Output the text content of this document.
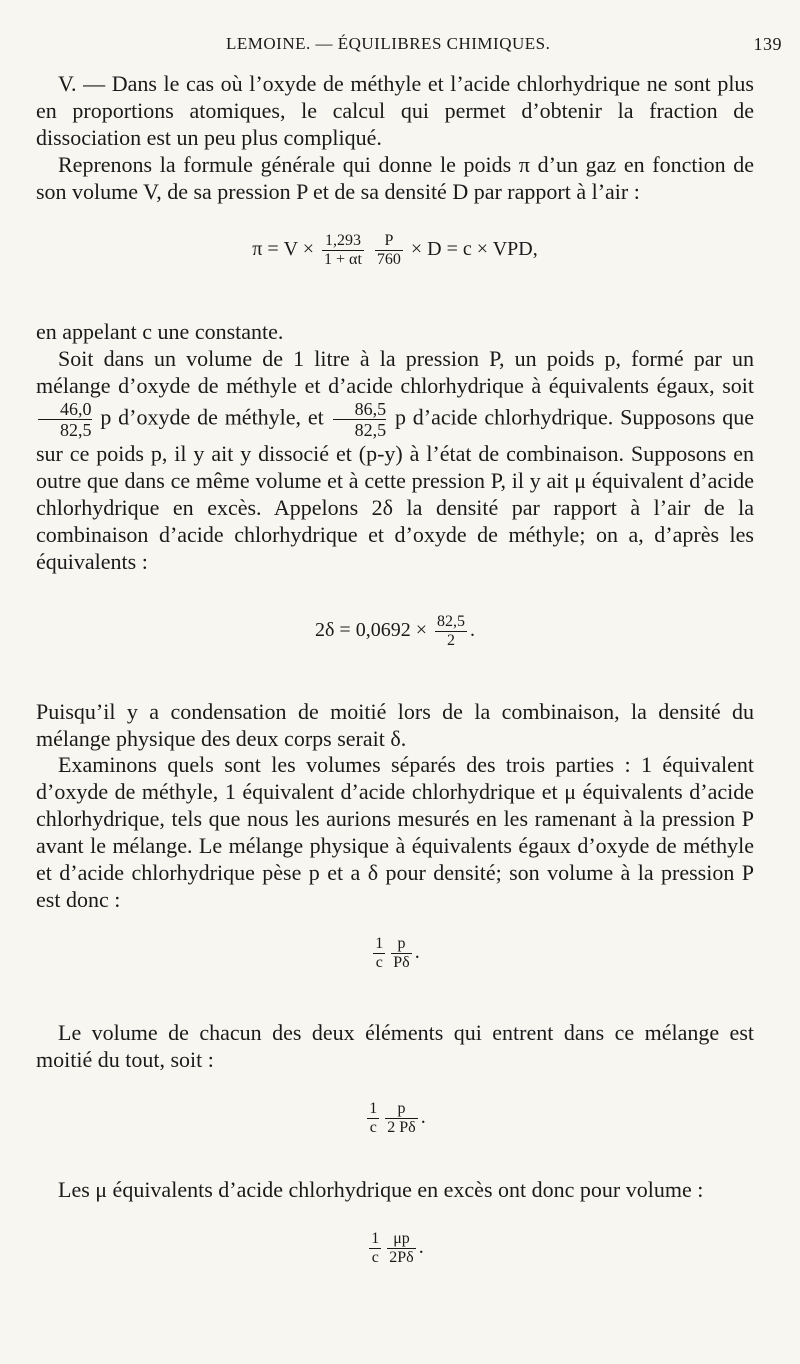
LEMOINE. — ÉQUILIBRES CHIMIQUES.	139

V. — Dans le cas où l’oxyde de méthyle et l’acide chlorhydrique ne sont plus en proportions atomiques, le calcul qui permet d’obtenir la fraction de dissociation est un peu plus compliqué.

Reprenons la formule générale qui donne le poids π d’un gaz en fonction de son volume V, de sa pression P et de sa densité D par rapport à l’air :

$\pi = V \times \frac{1,293}{1 + \alpha t}$
$\frac{P}{760} \times D = c$ × VPD,

en appelant c une constante.

Soit dans un volume de 1 litre à la pression P, un poids p, formé par un mélange d’oxyde de méthyle et d’acide chlorhydrique à équivalents égaux, soit
$\frac{46,0}{82,5}$ p d’oxyde de méthyle, et $\frac{86,5}{82,5}$ p d’acide chlorhydrique. Supposons que sur ce poids p, il y ait y dissocié et (p-y) à l’état de combinaison. Supposons en outre que dans ce même volume et à cette pression P, il y ait μ équivalent d’acide chlorhydrique en excès. Appelons 2δ la densité par rapport à l’air de la combinaison d’acide chlorhydrique et d’oxyde de méthyle; on a, d’après les équivalents :

$2\delta = 0,0692 \times \frac{82,5}{2}$ .

Puisqu’il y a condensation de moitié lors de la combinaison, la densité du mélange physique des deux corps serait δ.

Examinons quels sont les volumes séparés des trois parties : 1 équivalent d’oxyde de méthyle, 1 équivalent d’acide chlorhydrique et μ équivalents d’acide chlorhydrique, tels que nous les aurions mesurés en les ramenant à la pression P avant le mélange. Le mélange physique à équivalents égaux d’oxyde de méthyle et d’acide chlorhydrique pèse p et a δ pour densité; son volume à la pression P est donc :

$\frac{1}{c} \frac{p}{P\delta}$ .

Le volume de chacun des deux éléments qui entrent dans ce mélange est moitié du tout, soit :

$\frac{1}{c} \frac{p}{2 P\delta}$ .

Les μ équivalents d’acide chlorhydrique en excès ont donc pour volume :

$\frac{1}{c} \frac{\mu p}{2P\delta}$ .
